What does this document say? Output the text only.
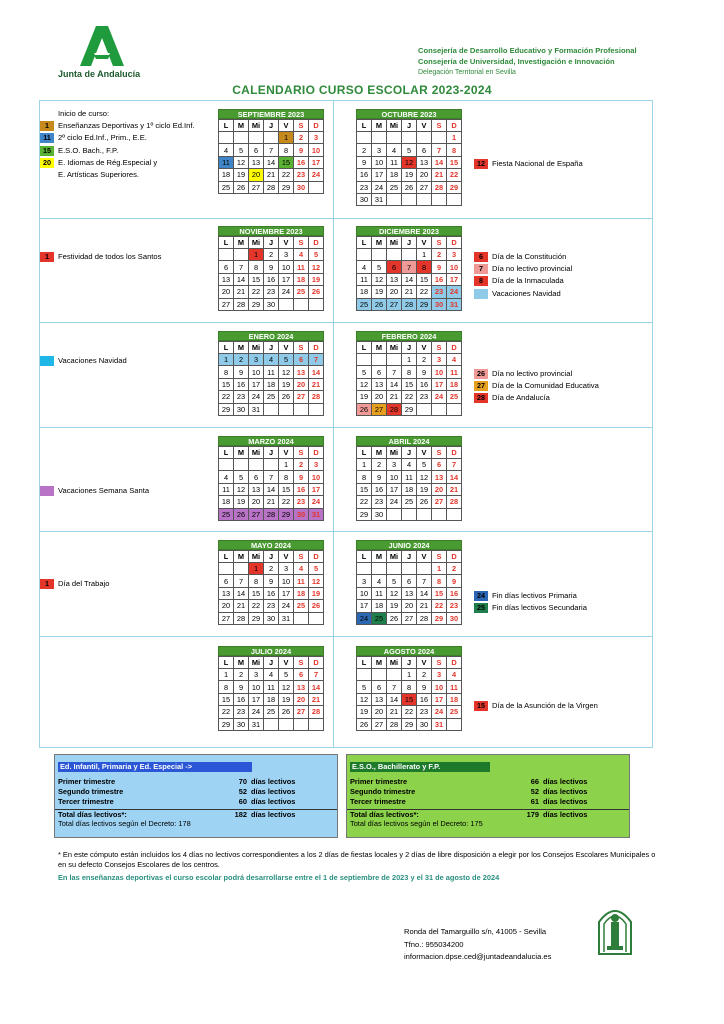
Junta de Andalucía
Consejería de Desarrollo Educativo y Formación Profesional
Consejería de Universidad, Investigación e Innovación
Delegación Territorial en Sevilla
CALENDARIO CURSO ESCOLAR 2023-2024
SEPTIEMBRE 2023
L	M	Mi	J	V	S	D
				1	2	3
4	5	6	7	8	9	10
11	12	13	14	15	16	17
18	19	20	21	22	23	24
25	26	27	28	29	30	
OCTUBRE 2023
L	M	Mi	J	V	S	D
						1
2	3	4	5	6	7	8
9	10	11	12	13	14	15
16	17	18	19	20	21	22
23	24	25	26	27	28	29
30	31					
NOVIEMBRE 2023
L	M	Mi	J	V	S	D
		1	2	3	4	5
6	7	8	9	10	11	12
13	14	15	16	17	18	19
20	21	22	23	24	25	26
27	28	29	30			
DICIEMBRE 2023
L	M	Mi	J	V	S	D
				1	2	3
4	5	6	7	8	9	10
11	12	13	14	15	16	17
18	19	20	21	22	23	24
25	26	27	28	29	30	31
ENERO 2024
L	M	Mi	J	V	S	D
1	2	3	4	5	6	7
8	9	10	11	12	13	14
15	16	17	18	19	20	21
22	23	24	25	26	27	28
29	30	31				
FEBRERO 2024
L	M	Mi	J	V	S	D
			1	2	3	4
5	6	7	8	9	10	11
12	13	14	15	16	17	18
19	20	21	22	23	24	25
26	27	28	29			
MARZO 2024
L	M	Mi	J	V	S	D
				1	2	3
4	5	6	7	8	9	10
11	12	13	14	15	16	17
18	19	20	21	22	23	24
25	26	27	28	29	30	31
ABRIL 2024
L	M	Mi	J	V	S	D
1	2	3	4	5	6	7
8	9	10	11	12	13	14
15	16	17	18	19	20	21
22	23	24	25	26	27	28
29	30					
MAYO 2024
L	M	Mi	J	V	S	D
		1	2	3	4	5
6	7	8	9	10	11	12
13	14	15	16	17	18	19
20	21	22	23	24	25	26
27	28	29	30	31		
JUNIO 2024
L	M	Mi	J	V	S	D
					1	2
3	4	5	6	7	8	9
10	11	12	13	14	15	16
17	18	19	20	21	22	23
24	25	26	27	28	29	30
JULIO 2024
L	M	Mi	J	V	S	D
1	2	3	4	5	6	7
8	9	10	11	12	13	14
15	16	17	18	19	20	21
22	23	24	25	26	27	28
29	30	31				
AGOSTO 2024
L	M	Mi	J	V	S	D
			1	2	3	4
5	6	7	8	9	10	11
12	13	14	15	16	17	18
19	20	21	22	23	24	25
26	27	28	29	30	31	
Inicio de curso:
1	Enseñanzas Deportivas y 1º ciclo Ed.Inf.
11 2º ciclo Ed.Inf., Prim., E.E.
15 E.S.O. Bach., F.P.
20 E. Idiomas de Rég.Especial y
E. Artísticas Superiores.
12 Fiesta Nacional de España
1	Festividad de todos los Santos	6	Día de la Constitución
7	Día no lectivo provincial
8	Día de la Inmaculada
Vacaciones Navidad
Vacaciones Navidad
26 Día no lectivo provincial
27 Día de la Comunidad Educativa
28 Día de Andalucía
Vacaciones Semana Santa
1	Día del Trabajo
24 Fin días lectivos Primaria
25 Fin días lectivos Secundaria
15 Día de la Asunción de la Virgen
Ed. Infantil, Primaria y Ed. Especial ->
Primer trimestre	70 días lectivos
Segundo trimestre	52 días lectivos
Tercer trimestre	60 días lectivos
Total días lectivos*:	182 días lectivos
Total días lectivos según el Decreto: 178
E.S.O., Bachillerato y F.P.
Primer trimestre	66 días lectivos
Segundo trimestre	52 días lectivos
Tercer trimestre	61 días lectivos
Total días lectivos*:	179 días lectivos
Total días lectivos según el Decreto: 175
* En este cómputo están incluidos los 4 días no lectivos correspondientes a los 2 días de fiestas locales y 2 días de libre disposición a elegir por los Consejos Escolares Municipales o en su defecto Consejos Escolares de los centros.
En las enseñanzas deportivas el curso escolar podrá desarrollarse entre el 1 de septiembre de 2023 y el 31 de agosto de 2024
Ronda del Tamarguillo s/n, 41005 - Sevilla
Tfno.: 955034200
informacion.dpse.ced@juntadeandalucia.es
